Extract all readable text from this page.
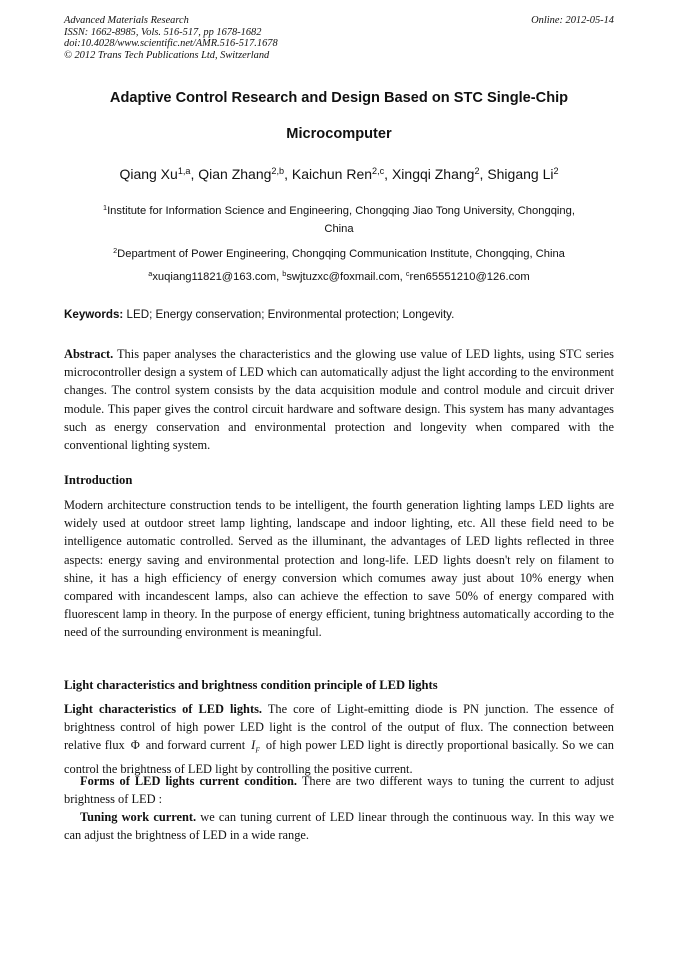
Advanced Materials Research
ISSN: 1662-8985, Vols. 516-517, pp 1678-1682
doi:10.4028/www.scientific.net/AMR.516-517.1678
© 2012 Trans Tech Publications Ltd, Switzerland
Online: 2012-05-14
Adaptive Control Research and Design Based on STC Single-Chip
Microcomputer
Qiang Xu$^{1,a}$, Qian Zhang$^{2,b}$, Kaichun Ren$^{2,c}$, Xingqi Zhang$^2$, Shigang Li$^2$
$^1$Institute for Information Science and Engineering, Chongqing Jiao Tong University, Chongqing,
China
$^2$Department of Power Engineering, Chongqing Communication Institute, Chongqing, China
$^a$xuqiang11821@163.com, $^b$swjtuzxc@foxmail.com, $^c$ren65551210@126.com
Keywords: LED; Energy conservation; Environmental protection; Longevity.
Abstract. This paper analyses the characteristics and the glowing use value of LED lights, using STC series microcontroller design a system of LED which can automatically adjust the light according to the environment changes. The control system consists by the data acquisition module and control module and circuit driver module. This paper gives the control circuit hardware and software design. This system has many advantages such as energy conservation and environmental protection and longevity when compared with the conventional lighting system.
Introduction
Modern architecture construction tends to be intelligent, the fourth generation lighting lamps LED lights are widely used at outdoor street lamp lighting, landscape and indoor lighting, etc. All these field need to be intelligence automatic controlled. Served as the illuminant, the advantages of LED lights reflected in three aspects: energy saving and environmental protection and long-life. LED lights doesn't rely on filament to shine, it has a high efficiency of energy conversion which comumes away just about 10% energy when compared with incandescent lamps, also can achieve the effection to save 50% of energy compared with fluorescent lamp in theory. In the purpose of energy efficient, tuning brightness automatically according to the need of the surrounding environment is meaningful.
Light characteristics and brightness condition principle of LED lights
Light characteristics of LED lights. The core of Light-emitting diode is PN junction. The essence of brightness control of high power LED light is the control of the output of flux. The connection between relative flux Φ and forward current $I_F$ of high power LED light is directly proportional basically. So we can control the brightness of LED light by controlling the positive current.
Forms of LED lights current condition. There are two different ways to tuning the current to adjust brightness of LED :
Tuning work current. we can tuning current of LED linear through the continuous way. In this way we can adjust the brightness of LED in a wide range.
